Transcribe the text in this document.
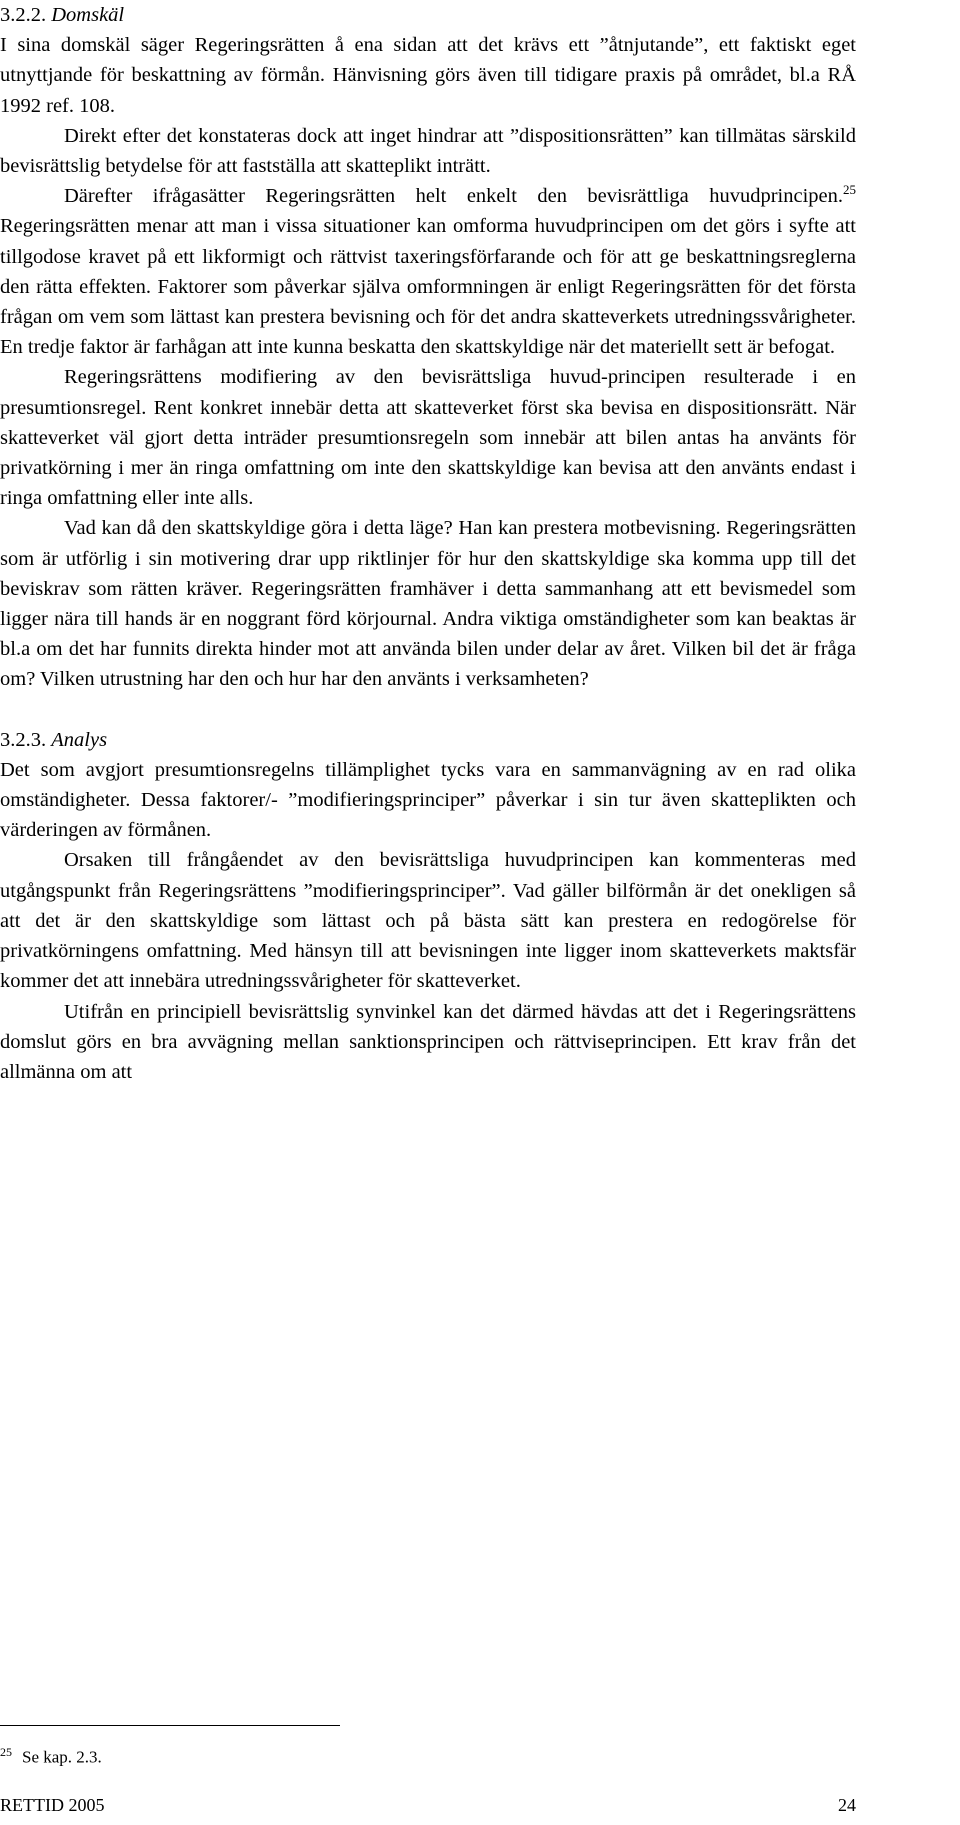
3.2.2. Domskäl

I sina domskäl säger Regeringsrätten å ena sidan att det krävs ett ”åtnjutande”, ett faktiskt eget utnyttjande för beskattning av förmån. Hänvisning görs även till tidigare praxis på området, bl.a RÅ 1992 ref. 108.

Direkt efter det konstateras dock att inget hindrar att ”dispositionsrätten” kan tillmätas särskild bevisrättslig betydelse för att fastställa att skatteplikt inträtt.

Därefter ifrågasätter Regeringsrätten helt enkelt den bevisrättliga huvudprincipen.$^{25}$ Regeringsrätten menar att man i vissa situationer kan omforma huvudprincipen om det görs i syfte att tillgodose kravet på ett likformigt och rättvist taxeringsförfarande och för att ge beskattningsreglerna den rätta effekten. Faktorer som påverkar själva omformningen är enligt Regeringsrätten för det första frågan om vem som lättast kan prestera bevisning och för det andra skatteverkets utredningssvårigheter. En tredje faktor är farhågan att inte kunna beskatta den skattskyldige när det materiellt sett är befogat.

Regeringsrättens modifiering av den bevisrättsliga huvud-principen resulterade i en presumtionsregel. Rent konkret innebär detta att skatteverket först ska bevisa en dispositionsrätt. När skatteverket väl gjort detta inträder presumtionsregeln som innebär att bilen antas ha använts för privatkörning i mer än ringa omfattning om inte den skattskyldige kan bevisa att den använts endast i ringa omfattning eller inte alls.

Vad kan då den skattskyldige göra i detta läge? Han kan prestera motbevisning. Regeringsrätten som är utförlig i sin motivering drar upp riktlinjer för hur den skattskyldige ska komma upp till det beviskrav som rätten kräver. Regeringsrätten framhäver i detta sammanhang att ett bevismedel som ligger nära till hands är en noggrant förd körjournal. Andra viktiga omständigheter som kan beaktas är bl.a om det har funnits direkta hinder mot att använda bilen under delar av året. Vilken bil det är fråga om? Vilken utrustning har den och hur har den använts i verksamheten?

3.2.3. Analys

Det som avgjort presumtionsregelns tillämplighet tycks vara en sammanvägning av en rad olika omständigheter. Dessa faktorer/- ”modifieringsprinciper” påverkar i sin tur även skatteplikten och värderingen av förmånen.

Orsaken till frångåendet av den bevisrättsliga huvudprincipen kan kommenteras med utgångspunkt från Regeringsrättens ”modifieringsprinciper”. Vad gäller bilförmån är det onekligen så att det är den skattskyldige som lättast och på bästa sätt kan prestera en redogörelse för privatkörningens omfattning. Med hänsyn till att bevisningen inte ligger inom skatteverkets maktsfär kommer det att innebära utredningssvårigheter för skatteverket.

Utifrån en principiell bevisrättslig synvinkel kan det därmed hävdas att det i Regeringsrättens domslut görs en bra avvägning mellan sanktionsprincipen och rättviseprincipen. Ett krav från det allmänna om att

$^{25}$ Se kap. 2.3.
RETTID 2005	24
